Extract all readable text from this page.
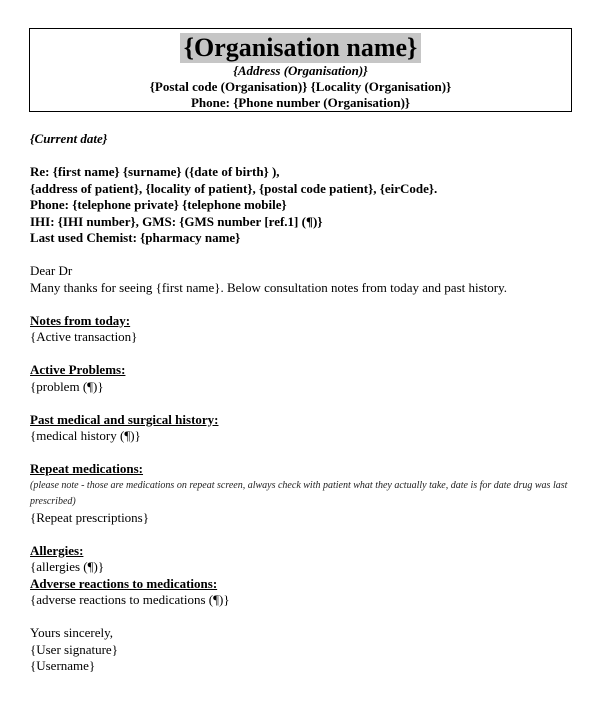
{Organisation name}
{Address (Organisation)}
{Postal code (Organisation)} {Locality (Organisation)}
Phone: {Phone number (Organisation)}
{Current date}
Re: {first name} {surname} ({date of birth} ),
{address of patient}, {locality of patient}, {postal code patient}, {eirCode}.
Phone: {telephone private} {telephone mobile}
IHI: {IHI number}, GMS: {GMS number [ref.1] (¶)}
Last used Chemist: {pharmacy name}
Dear Dr
Many thanks for seeing {first name}. Below consultation notes from today and past history.
Notes from today:
{Active transaction}
Active Problems:
{problem (¶)}
Past medical and surgical history:
{medical history (¶)}
Repeat medications:
(please note - those are medications on repeat screen, always check with patient what they actually take, date is for date drug was last prescribed)
{Repeat prescriptions}
Allergies:
{allergies (¶)}
Adverse reactions to medications:
{adverse reactions to medications (¶)}
Yours sincerely,
{User signature}
{Username}
